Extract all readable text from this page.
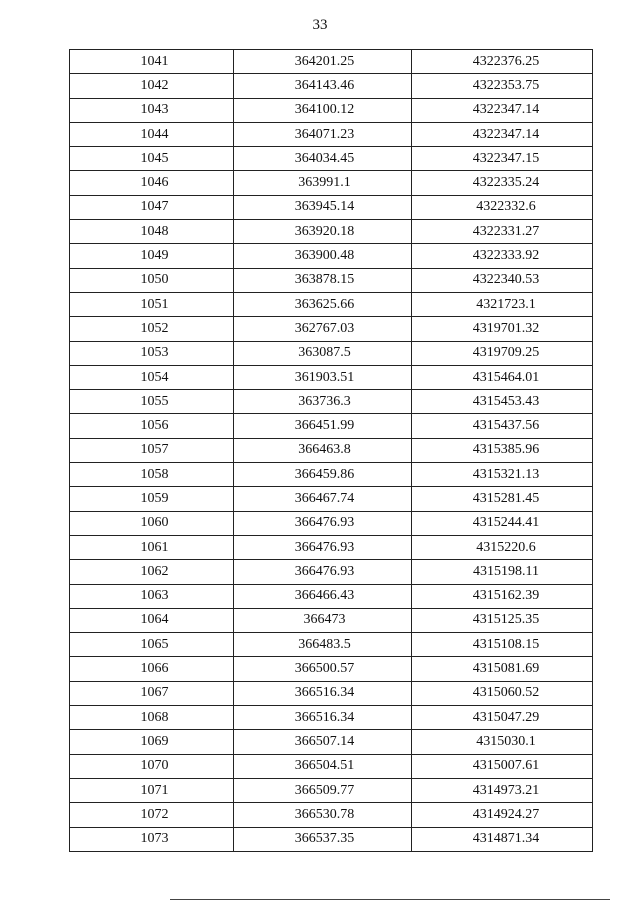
33
1041	364201.25	4322376.25
1042	364143.46	4322353.75
1043	364100.12	4322347.14
1044	364071.23	4322347.14
1045	364034.45	4322347.15
1046	363991.1	4322335.24
1047	363945.14	4322332.6
1048	363920.18	4322331.27
1049	363900.48	4322333.92
1050	363878.15	4322340.53
1051	363625.66	4321723.1
1052	362767.03	4319701.32
1053	363087.5	4319709.25
1054	361903.51	4315464.01
1055	363736.3	4315453.43
1056	366451.99	4315437.56
1057	366463.8	4315385.96
1058	366459.86	4315321.13
1059	366467.74	4315281.45
1060	366476.93	4315244.41
1061	366476.93	4315220.6
1062	366476.93	4315198.11
1063	366466.43	4315162.39
1064	366473	4315125.35
1065	366483.5	4315108.15
1066	366500.57	4315081.69
1067	366516.34	4315060.52
1068	366516.34	4315047.29
1069	366507.14	4315030.1
1070	366504.51	4315007.61
1071	366509.77	4314973.21
1072	366530.78	4314924.27
1073	366537.35	4314871.34
